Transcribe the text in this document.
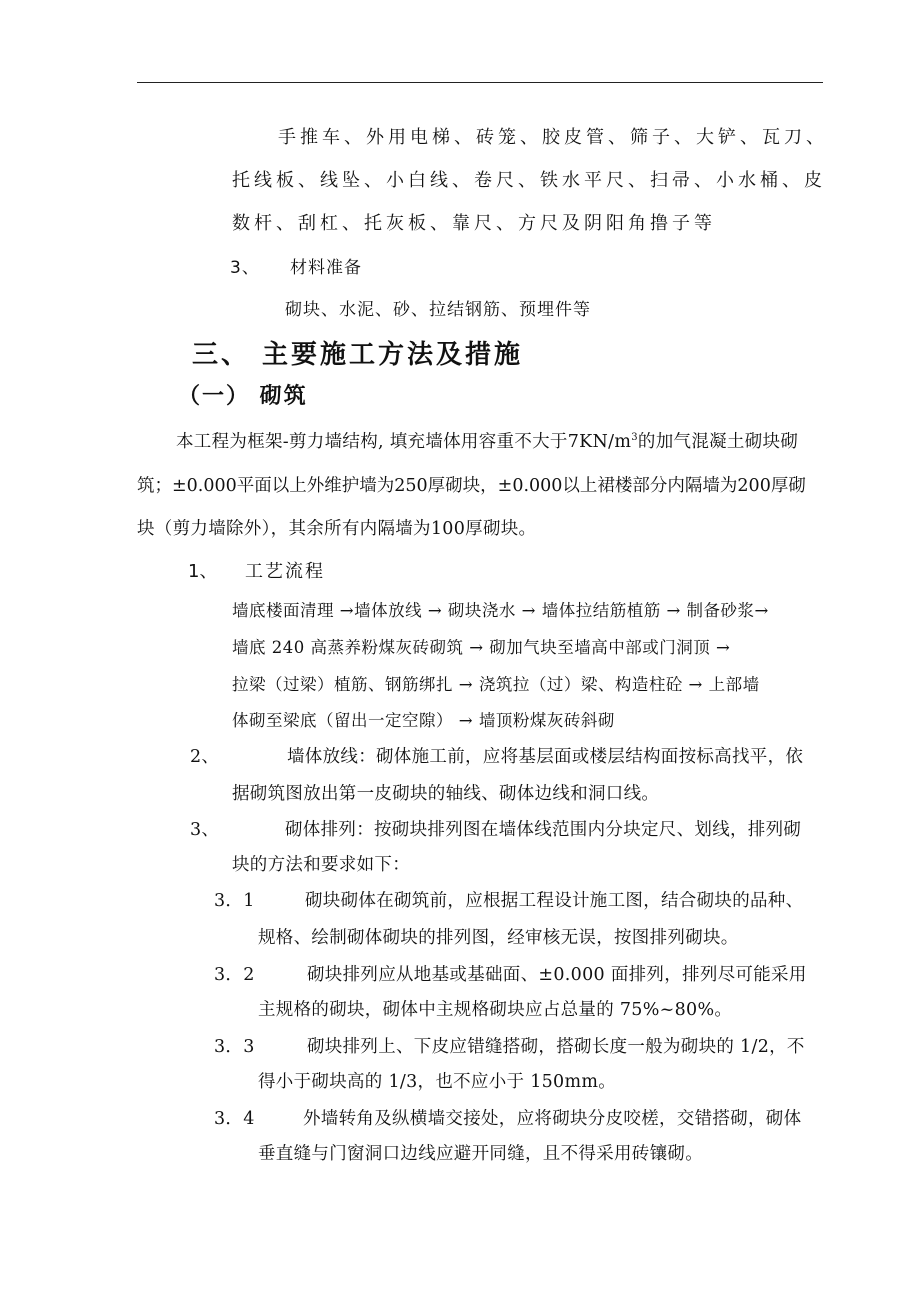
手推车、外用电梯、砖笼、胶皮管、筛子、大铲、瓦刀、
托线板、线坠、小白线、卷尺、铁水平尺、扫帚、小水桶、皮
数杆、刮杠、托灰板、靠尺、方尺及阴阳角撸子等
3、 材料准备
砌块、水泥、砂、拉结钢筋、预埋件等
三、 主要施工方法及措施
（一） 砌筑
本工程为框架-剪力墙结构, 填充墙体用容重不大于$7KN/m^3$的加气混凝土砌块砌
筑；±0.000平面以上外维护墙为250厚砌块，±0.000以上裙楼部分内隔墙为200厚砌
块（剪力墙除外），其余所有内隔墙为100厚砌块。
1、 工艺流程
墙底楼面清理 →墙体放线 → 砌块浇水 → 墙体拉结筋植筋 → 制备砂浆→
墙底 240 高蒸养粉煤灰砖砌筑 → 砌加气块至墙高中部或门洞顶 →
拉梁（过梁）植筋、钢筋绑扎 → 浇筑拉（过）梁、构造柱砼 → 上部墙
体砌至梁底（留出一定空隙） → 墙顶粉煤灰砖斜砌
2、	墙体放线：砌体施工前，应将基层面或楼层结构面按标高找平，依
据砌筑图放出第一皮砌块的轴线、砌体边线和洞口线。
3、	砌体排列：按砌块排列图在墙体线范围内分块定尺、划线，排列砌
块的方法和要求如下：
3．1	砌块砌体在砌筑前，应根据工程设计施工图，结合砌块的品种、
规格、绘制砌体砌块的排列图，经审核无误，按图排列砌块。
3．2	砌块排列应从地基或基础面、±0.000 面排列，排列尽可能采用
主规格的砌块，砌体中主规格砌块应占总量的 75%~80%。
3．3	砌块排列上、下皮应错缝搭砌，搭砌长度一般为砌块的 1/2，不
得小于砌块高的 1/3，也不应小于 150mm。
3．4	外墙转角及纵横墙交接处，应将砌块分皮咬槎，交错搭砌，砌体
垂直缝与门窗洞口边线应避开同缝，且不得采用砖镶砌。
